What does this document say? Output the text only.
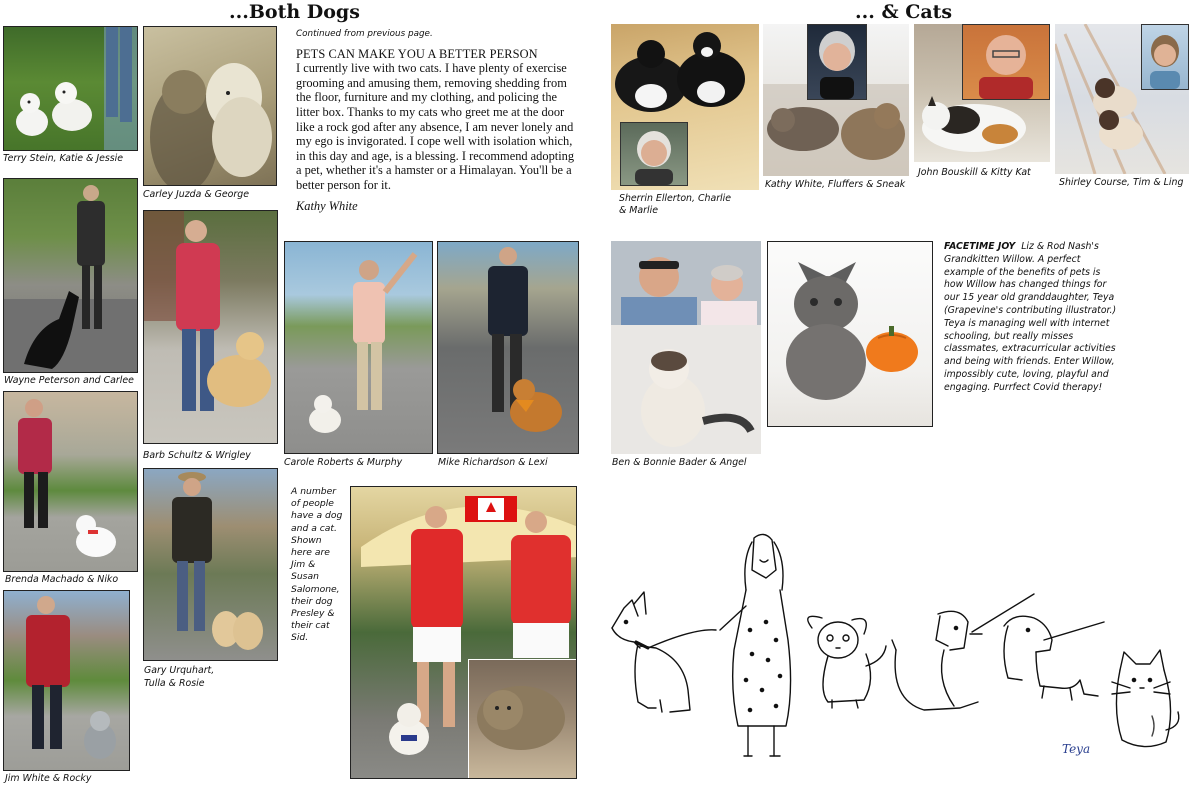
...Both Dogs	... & Cats
Terry Stein, Katie & Jessie
Carley Juzda & George
Wayne Peterson and Carlee
Barb Schultz & Wrigley
Continued from previous page.
PETS CAN MAKE YOU A BETTER PERSON
I currently live with two cats. I have plenty of exercise grooming and amusing them, removing shedding from the floor, furniture and my clothing, and policing the litter box. Thanks to my cats who greet me at the door like a rock god after any absence, I am never lonely and my ego is invigorated. I cope well with isolation which, in this day and age, is a blessing. I recommend adopting a pet, whether it's a hamster or a Himalayan. You'll be a better person for it.
Kathy White
Carole Roberts & Murphy	Mike Richardson & Lexi
Brenda Machado & Niko
Gary Urquhart,
Tulla & Rosie
Jim White & Rocky
A number
of people
have a dog
and a cat.
Shown
here are
Jim &
Susan
Salomone,
their dog
Presley &
their cat
Sid.
Sherrin Ellerton, Charlie
& Marlie
Kathy White, Fluffers & Sneak
John Bouskill & Kitty Kat
Shirley Course, Tim & Ling
Ben & Bonnie Bader & Angel
FACETIME JOY Liz & Rod Nash's Grandkitten Willow. A perfect example of the benefits of pets is how Willow has changed things for our 15 year old granddaughter, Teya (Grapevine's contributing illustrator.) Teya is managing well with internet schooling, but really misses classmates, extracurricular activities and being with friends. Enter Willow, impossibly cute, loving, playful and engaging. Purrfect Covid therapy!
Teya
